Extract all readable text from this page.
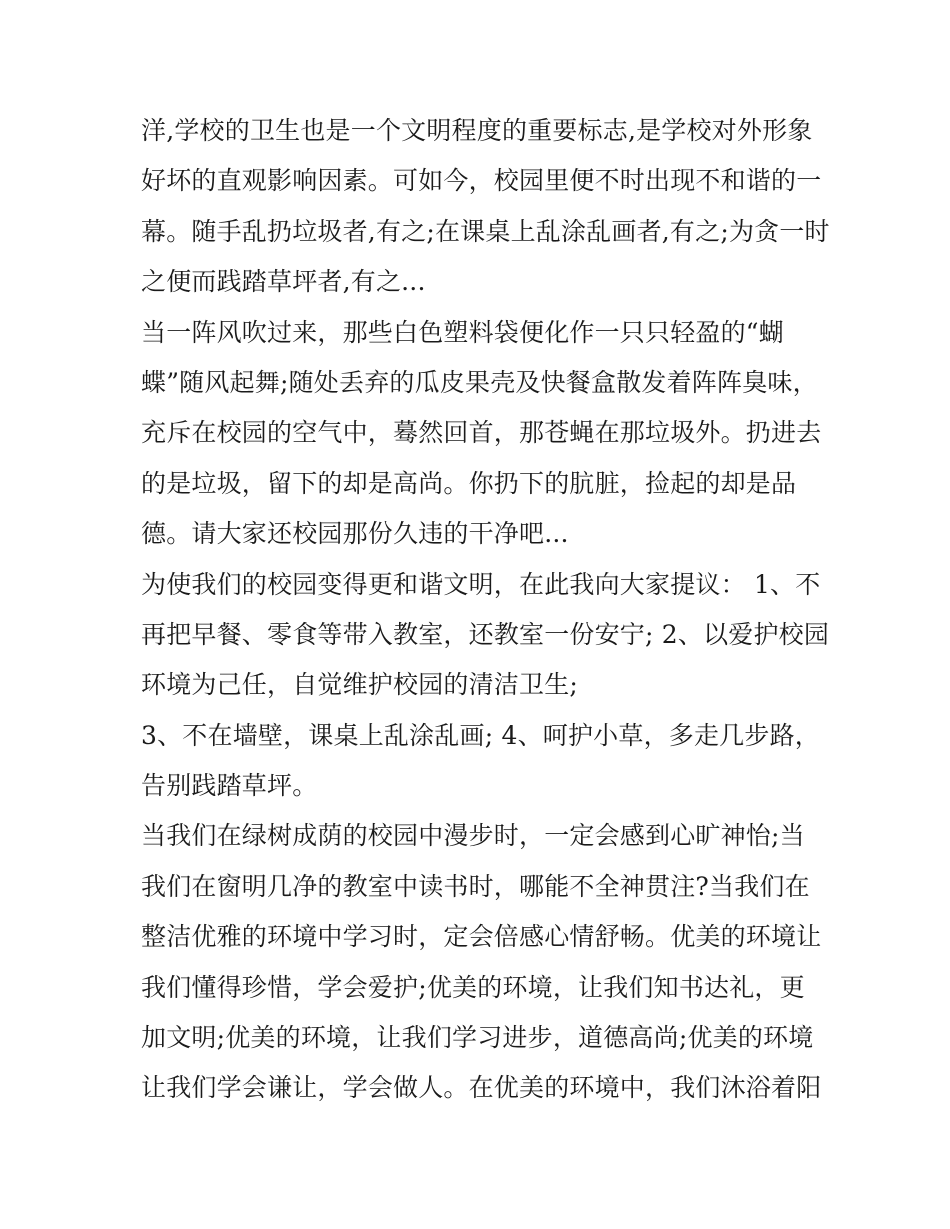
洋,学校的卫生也是一个文明程度的重要标志,是学校对外形象
好坏的直观影响因素。可如今，校园里便不时出现不和谐的一
幕。随手乱扔垃圾者,有之;在课桌上乱涂乱画者,有之;为贪一时
之便而践踏草坪者,有之...
当一阵风吹过来，那些白色塑料袋便化作一只只轻盈的“蝴
蝶”随风起舞;随处丢弃的瓜皮果壳及快餐盒散发着阵阵臭味，
充斥在校园的空气中，蓦然回首，那苍蝇在那垃圾外。扔进去
的是垃圾，留下的却是高尚。你扔下的肮脏，捡起的却是品
德。请大家还校园那份久违的干净吧...
为使我们的校园变得更和谐文明，在此我向大家提议： 1、不
再把早餐、零食等带入教室，还教室一份安宁; 2、以爱护校园
环境为己任，自觉维护校园的清洁卫生;
3、不在墙壁，课桌上乱涂乱画; 4、呵护小草，多走几步路，
告别践踏草坪。
当我们在绿树成荫的校园中漫步时，一定会感到心旷神怡;当
我们在窗明几净的教室中读书时，哪能不全神贯注?当我们在
整洁优雅的环境中学习时，定会倍感心情舒畅。优美的环境让
我们懂得珍惜，学会爱护;优美的环境，让我们知书达礼，更
加文明;优美的环境，让我们学习进步，道德高尚;优美的环境
让我们学会谦让，学会做人。在优美的环境中，我们沐浴着阳
